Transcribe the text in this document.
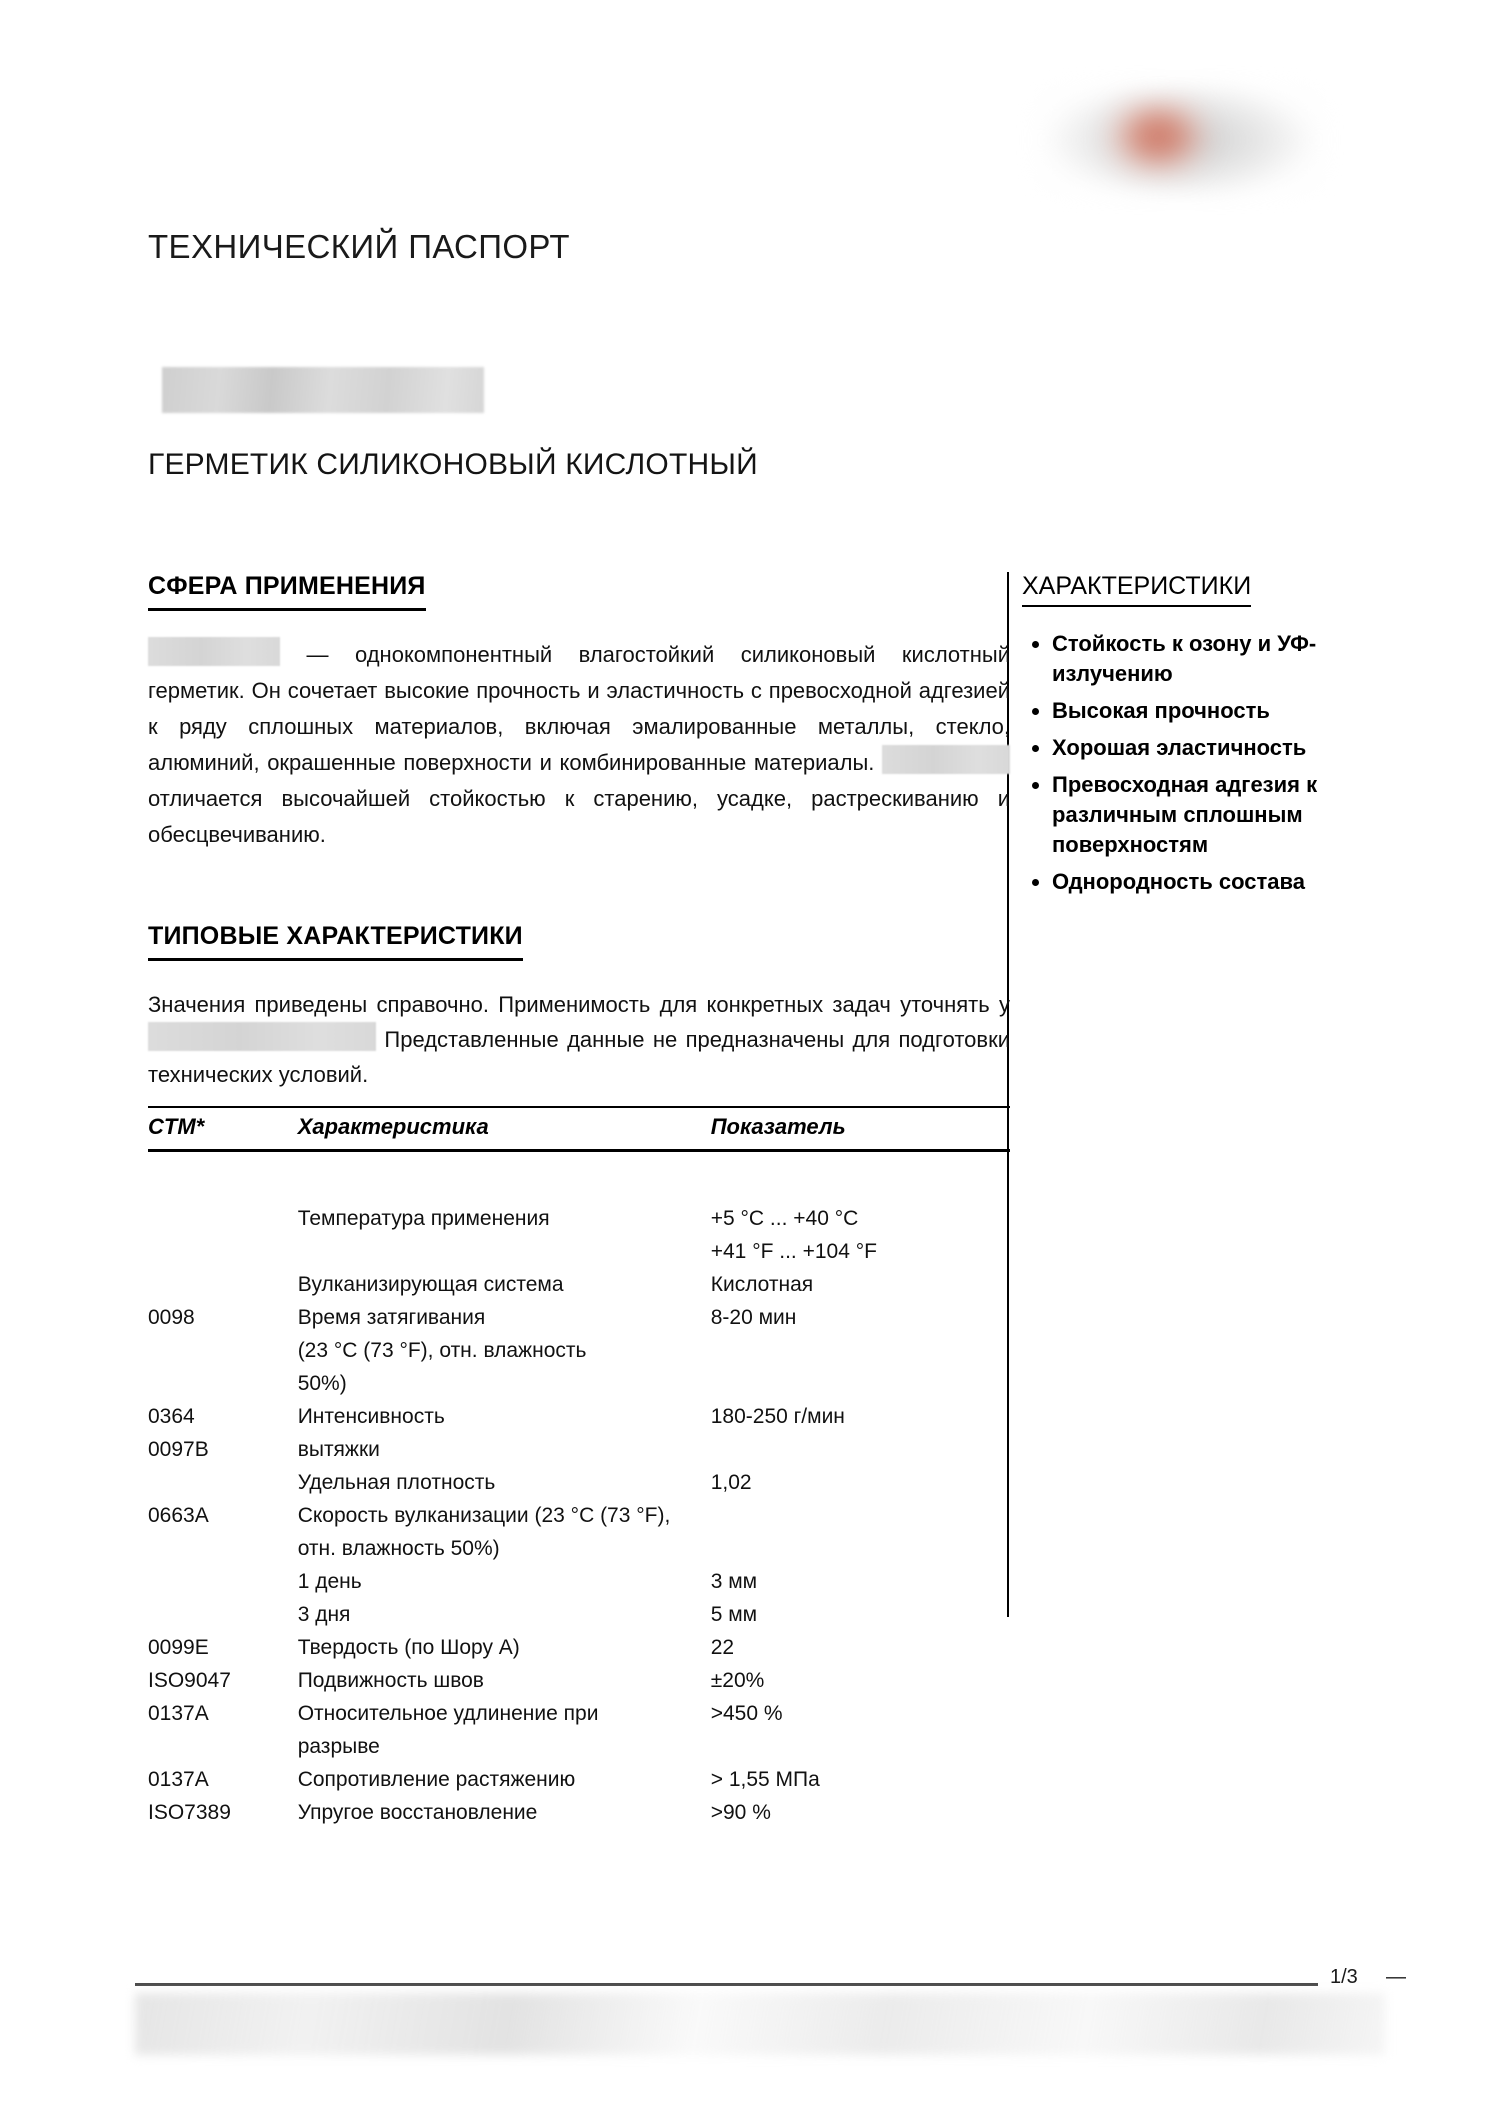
ТЕХНИЧЕСКИЙ ПАСПОРТ
ГЕРМЕТИК СИЛИКОНОВЫЙ КИСЛОТНЫЙ
СФЕРА ПРИМЕНЕНИЯ

— однокомпонентный влагостойкий силиконовый кислотный герметик. Он сочетает высокие прочность и эластичность с превосходной адгезией к ряду сплошных материалов, включая эмалированные металлы, стекло, алюминий, окрашенные поверхности и комбинированные материалы.  отличается высочайшей стойкостью к старению, усадке, растрескиванию и обесцвечиванию.

ХАРАКТЕРИСТИКИ
• Стойкость к озону и УФ-излучению
• Высокая прочность
• Хорошая эластичность
• Превосходная адгезия к различным сплошным поверхностям
• Однородность состава
ТИПОВЫЕ ХАРАКТЕРИСТИКИ

Значения приведены справочно. Применимость для конкретных задач уточнять у  Представленные данные не предназначены для подготовки технических условий.

CTM*	Характеристика	Показатель

	Температура применения	+5 °C ... +40 °C
		+41 °F ... +104 °F
	Вулканизирующая система	Кислотная
0098	Время затягивания	8-20 мин
	(23 °C (73 °F), отн. влажность	
	50%)	
0364	Интенсивность	180-250 г/мин
0097B	вытяжки	
	Удельная плотность	1,02
0663A	Скорость вулканизации (23 °C (73 °F),	
	отн. влажность 50%)	
	1 день	3 мм
	3 дня	5 мм
0099E	Твердость (по Шору A)	22
ISO9047	Подвижность швов	±20%
0137A	Относительное удлинение при	>450 %
	разрыве	
0137A	Сопротивление растяжению	> 1,55 МПа
ISO7389	Упругое восстановление	>90 %
1/3 —
